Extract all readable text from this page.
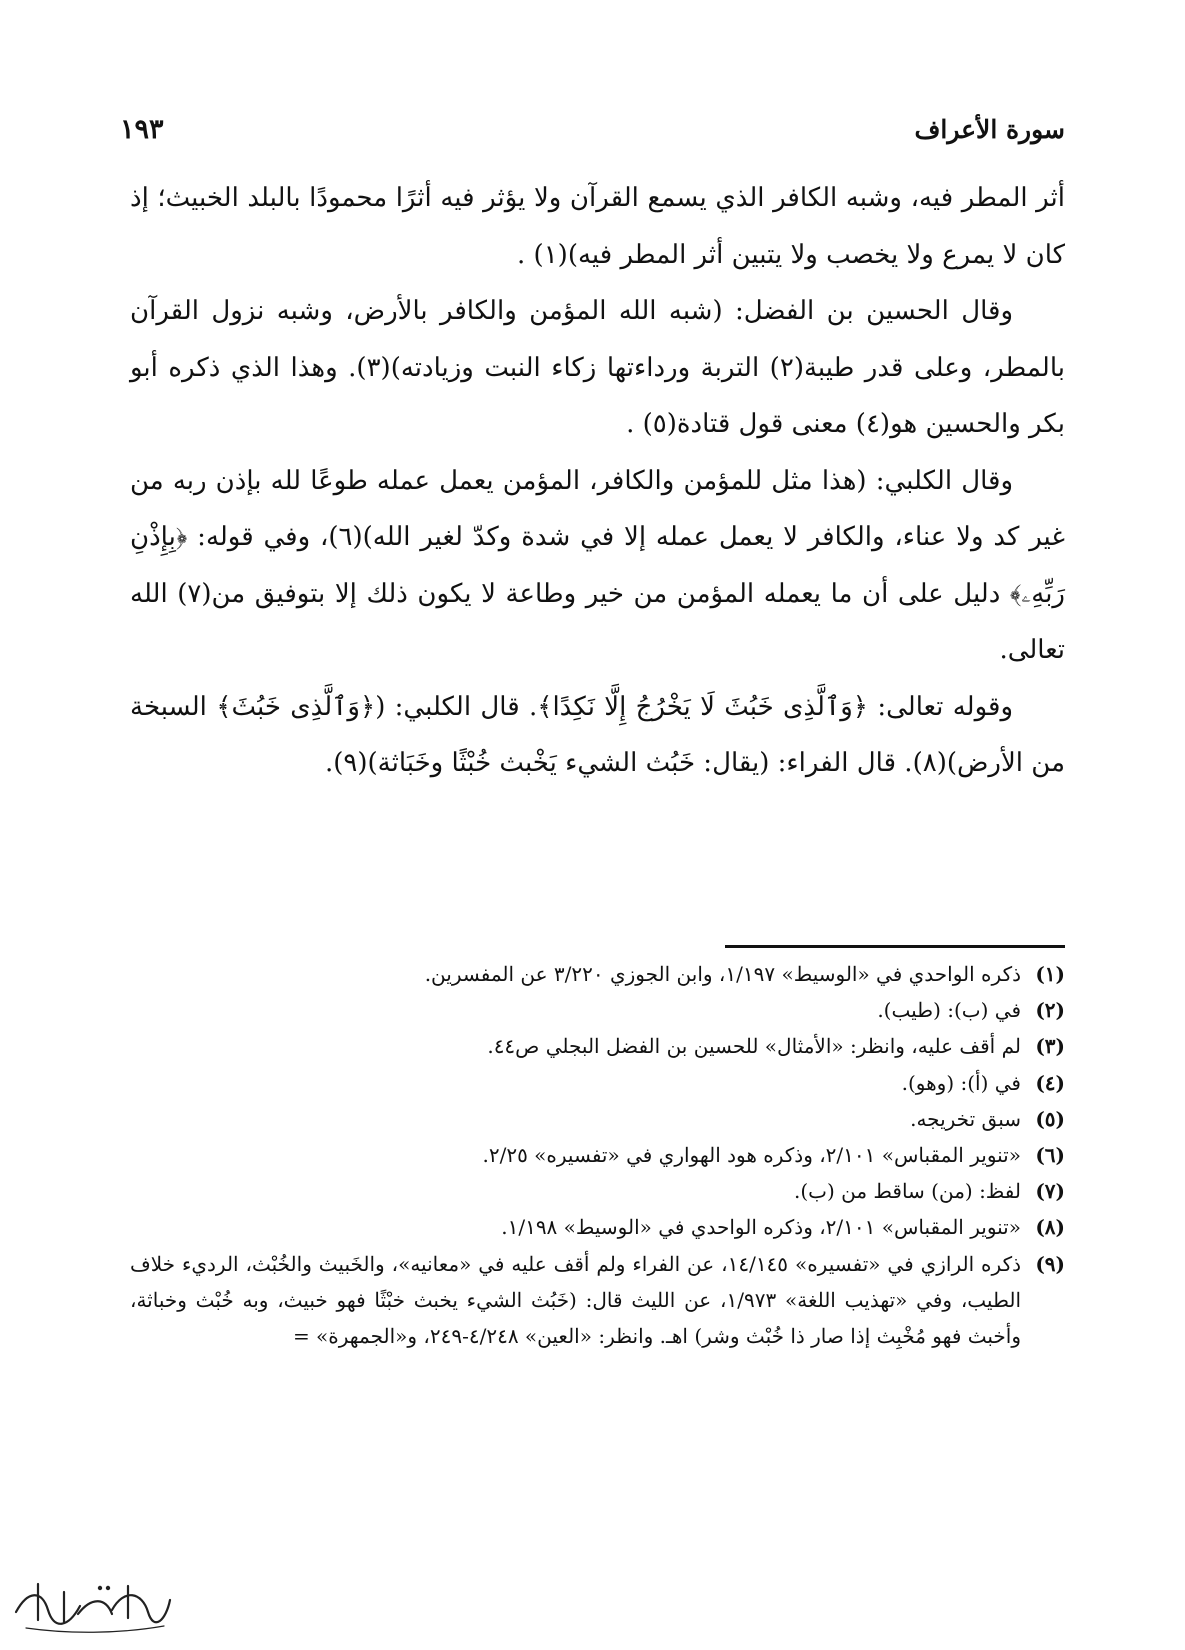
سورة الأعراف
١٩٣

أثر المطر فيه، وشبه الكافر الذي يسمع القرآن ولا يؤثر فيه أثرًا محمودًا بالبلد الخبيث؛ إذ كان لا يمرع ولا يخصب ولا يتبين أثر المطر فيه)(١) .

وقال الحسين بن الفضل: (شبه الله المؤمن والكافر بالأرض، وشبه نزول القرآن بالمطر، وعلى قدر طيبة(٢) التربة ورداءتها زكاء النبت وزيادته)(٣). وهذا الذي ذكره أبو بكر والحسين هو(٤) معنى قول قتادة(٥) .

وقال الكلبي: (هذا مثل للمؤمن والكافر، المؤمن يعمل عمله طوعًا لله بإذن ربه من غير كد ولا عناء، والكافر لا يعمل عمله إلا في شدة وكدّ لغير الله)(٦)، وفي قوله: ﴿بِإِذْنِ رَبِّهِۦ﴾ دليل على أن ما يعمله المؤمن من خير وطاعة لا يكون ذلك إلا بتوفيق من(٧) الله تعالى.

وقوله تعالى: ﴿وَٱلَّذِى خَبُثَ لَا يَخْرُجُ إِلَّا نَكِدًا﴾. قال الكلبي: (﴿وَٱلَّذِى خَبُثَ﴾ السبخة من الأرض)(٨). قال الفراء: (يقال: خَبُث الشيء يَخْبث خُبْثًا وخَبَاثة)(٩).

(١)
ذكره الواحدي في «الوسيط» ١/١٩٧، وابن الجوزي ٣/٢٢٠ عن المفسرين.
(٢)
في (ب): (طيب).
(٣)
لم أقف عليه، وانظر: «الأمثال» للحسين بن الفضل البجلي ص٤٤.
(٤)
في (أ): (وهو).
(٥)
سبق تخريجه.
(٦)
«تنوير المقباس» ٢/١٠١، وذكره هود الهواري في «تفسيره» ٢/٢٥.
(٧)
لفظ: (من) ساقط من (ب).
(٨)
«تنوير المقباس» ٢/١٠١، وذكره الواحدي في «الوسيط» ١/١٩٨.
(٩)
ذكره الرازي في «تفسيره» ١٤/١٤٥، عن الفراء ولم أقف عليه في «معانيه»، والخَبيث والخُبْث، الرديء خلاف الطيب، وفي «تهذيب اللغة» ١/٩٧٣، عن الليث قال: (خَبُث الشيء يخبث خبْثًا فهو خبيث، وبه خُبْث وخباثة، وأخبث فهو مُخْبِث إذا صار ذا خُبْث وشر) اهـ. وانظر: «العين» ٤/٢٤٨-٢٤٩، و«الجمهرة» =
